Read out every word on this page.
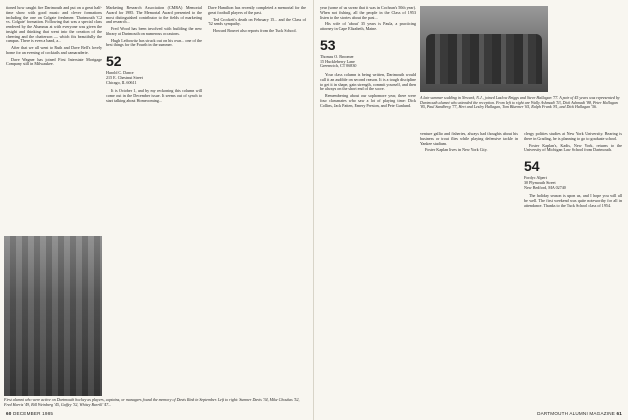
tioned how caught fire Dartmouth and put on a great half-time show with good music and clever formations including the one on Colgate freshmen: 'Dartmouth 'C2 vs. Colgate' formation. Following that was a special class rendered by the Alumnus at with everyone was given the insight and thinking that went into the creation of the cheering and the chatterson — which fits beautifully the campus. There is even a band, a...

After that we all went to Ruth and Dave Bell's lovely home for an evening of cocktails and camaraderie.

Dave Wagner has joined First Interstate Mortgage Company still in Milwaukee.

Marketing Research Association (CMRA) Memorial Award for 1985. The Memorial Award presented to the most distinguished contributor to the fields of marketing and research...

Fred Wood has been involved with building the new library at Dartmouth on numerous occasions.

Hugh Leibowitz has struck out on his own... one of the best things for the Fourth in the summer.

52
Harold C. Dance
215 E. Chestnut Street
Chicago, IL 60611

It is October 1, and by my reckoning this column will come out in the December issue. It seems out of synch to start talking about Homecoming...

Dave Hamilton has recently completed a memorial for the great football players of the past.

Ted Crockett's death on February 15... and the Class of '52 sends sympathy.

Howard Bouvet also reports from the Tuck School.

First alumni who were active on Dartmouth hockey as players, captains, or managers found the memory of Davis Rink in September. Left to right: Sumner Davis '34, Mike Choukas '52, Fred Harris '49, Bill Weinberg '45, Gaffey '32, Whitey Burrill '47...
60 DECEMBER 1985

year (some of us swear that it was in Cochran's 50th year). When not fishing, all the people in the Class of 1953 listen to the stories about the past...

His wife of 'about' 35 years is Paula, a practicing attorney in Cape Elizabeth, Maine.

53
Thomas O. Broomer
15 Huckleberry Lane
Greenwich, CT 06830

Your class column is being written, Dartmouth would call it an audible on second reason. It is a tough discipline to get it in shape, gain strength, commit yourself, and then be always on the short end of the score.

Remembering about our sophomore year, there were four classmates who saw a lot of playing time: Dick Collins, Jack Patten, Emery Preston, and Pete Gunlund.

A late summer sodding in Newark, N.J., joined Lazlow Briggs and Steve Hallagan '77. A pair of 45 years was represented by Dartmouth alumni who attended the reception. From left to right are Wally Ashmadi '53, Dick Ashmadi '88, Peter Hallagan '85, Paul Sandberg '77, Hert and Lesley Hallagan, Tom Bluemer '65, Ralph Frank '81, and Dick Hallagan '56.

venture gallio and fisheries, always had thoughts about his business or trout flies while playing defensive tackle in Yankee stadium.

Foster Kaplan lives in New York City.

clergy polities studies at New York University. Bearing is there in Grading, he is planning to go to graduate school.

Foster Kaplan's, Kadis, New York, returns to the University of Michigan Law School from Dartmouth.

54
Fordyc Alpert
30 Plymouth Street
New Bedford, MA 02740

The holiday season is upon us, and I hope you will all be well. The first weekend was quite noteworthy for all in attendance. Thanks to the Tuck School class of 1954.

DARTMOUTH ALUMNI MAGAZINE 61
